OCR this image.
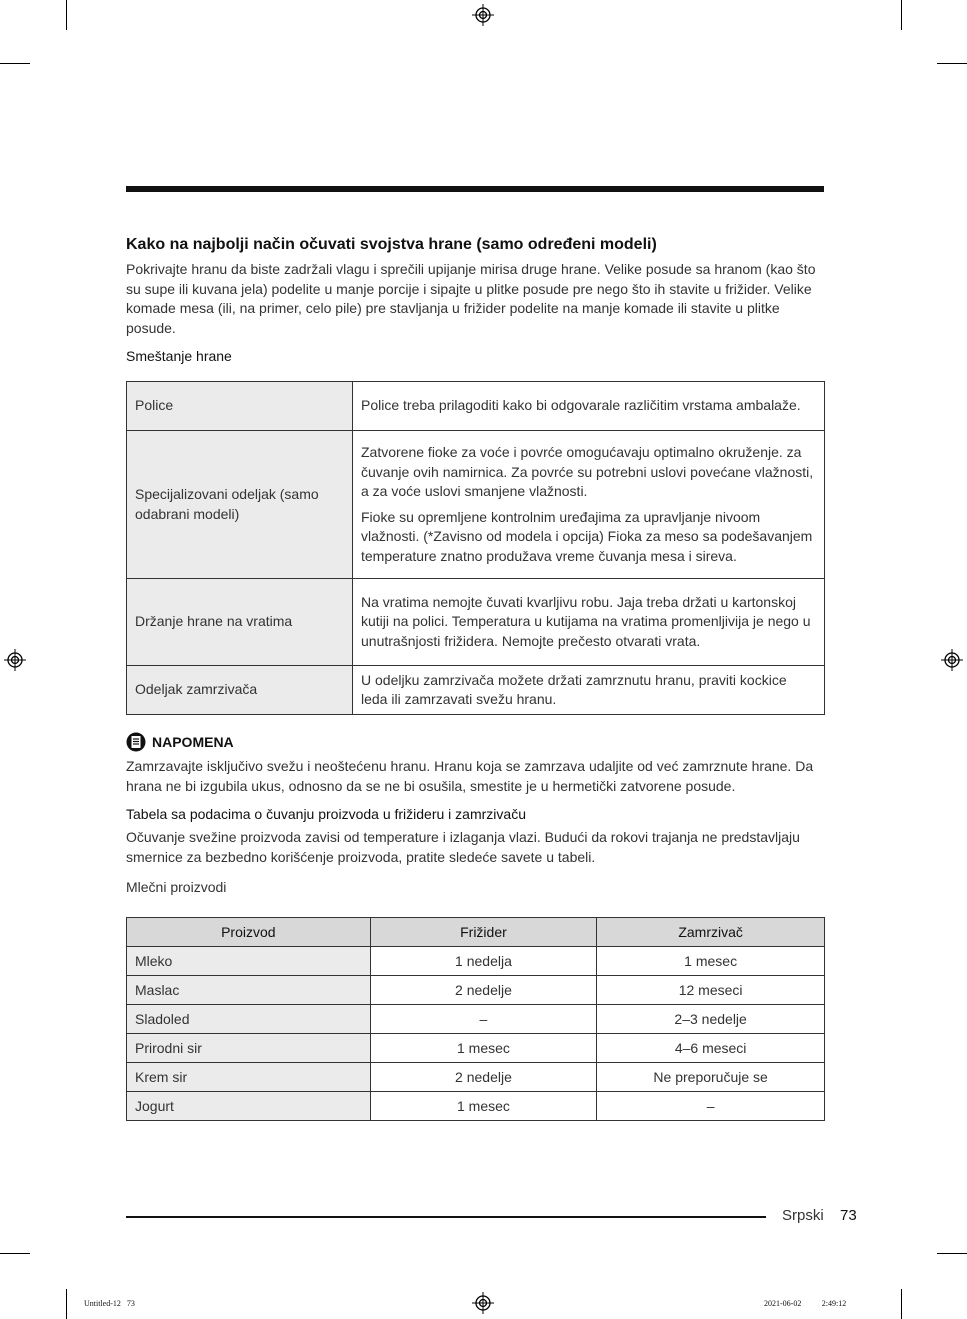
Kako na najbolji način očuvati svojstva hrane (samo određeni modeli)
Pokrivajte hranu da biste zadržali vlagu i sprečili upijanje mirisa druge hrane. Velike posude sa hranom (kao što su supe ili kuvana jela) podelite u manje porcije i sipajte u plitke posude pre nego što ih stavite u frižider. Velike komade mesa (ili, na primer, celo pile) pre stavljanja u frižider podelite na manje komade ili stavite u plitke posude.
Smeštanje hrane
Police	Police treba prilagoditi kako bi odgovarale različitim vrstama ambalaže.

Specijalizovani odeljak (samo odabrani modeli)	Zatvorene fioke za voće i povrće omogućavaju optimalno okruženje. za čuvanje ovih namirnica. Za povrće su potrebni uslovi povećane vlažnosti, a za voće uslovi smanjene vlažnosti.

Fioke su opremljene kontrolnim uređajima za upravljanje nivoom vlažnosti. (*Zavisno od modela i opcija) Fioka za meso sa podešavanjem temperature znatno produžava vreme čuvanja mesa i sireva.

Držanje hrane na vratima	Na vratima nemojte čuvati kvarljivu robu. Jaja treba držati u kartonskoj kutiji na polici. Temperatura u kutijama na vratima promenljivija je nego u unutrašnjosti frižidera. Nemojte prečesto otvarati vrata.

Odeljak zamrzivača	U odeljku zamrzivača možete držati zamrznutu hranu, praviti kockice leda ili zamrzavati svežu hranu.

NAPOMENA
Zamrzavajte isključivo svežu i neoštećenu hranu. Hranu koja se zamrzava udaljite od već zamrznute hrane. Da hrana ne bi izgubila ukus, odnosno da se ne bi osušila, smestite je u hermetički zatvorene posude.
Tabela sa podacima o čuvanju proizvoda u frižideru i zamrzivaču
Očuvanje svežine proizvoda zavisi od temperature i izlaganja vlazi. Budući da rokovi trajanja ne predstavljaju smernice za bezbedno korišćenje proizvoda, pratite sledeće savete u tabeli.
Mlečni proizvodi
Proizvod	Frižider	Zamrzivač
Mleko	1 nedelja	1 mesec
Maslac	2 nedelje	12 meseci
Sladoled	–	2–3 nedelje
Prirodni sir	1 mesec	4–6 meseci
Krem sir	2 nedelje	Ne preporučuje se
Jogurt	1 mesec	–
Srpski 73
Untitled-12   73	2021-06-02   ￿￿ 2:49:12
